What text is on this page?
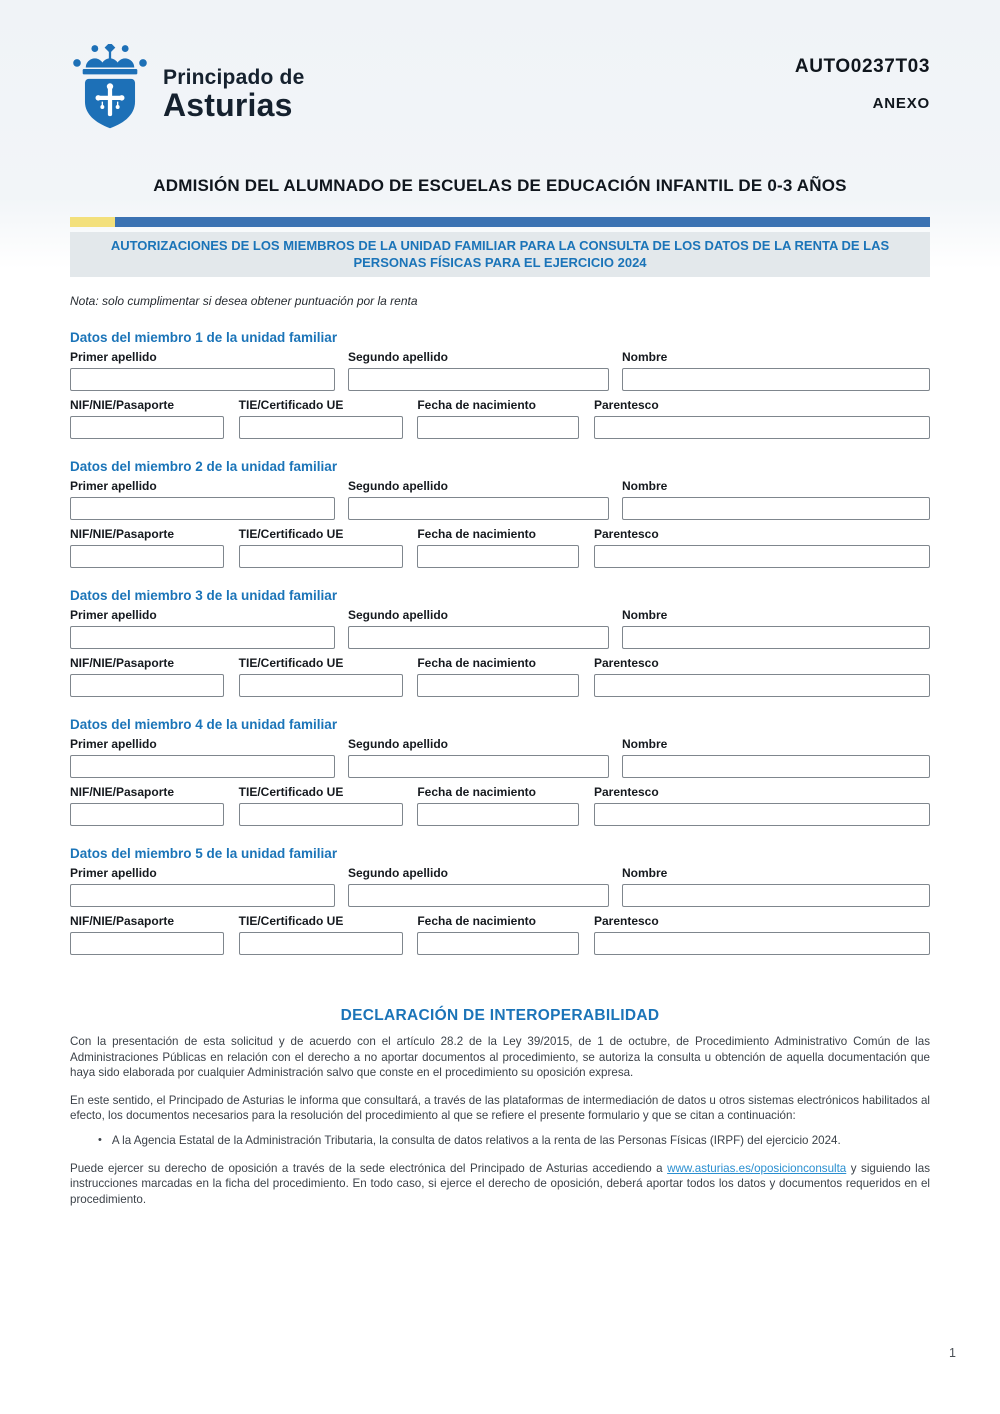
Principado de
Asturias
AUTO0237T03
ANEXO
ADMISIÓN DEL ALUMNADO DE ESCUELAS DE EDUCACIÓN INFANTIL DE 0-3 AÑOS
AUTORIZACIONES DE LOS MIEMBROS DE LA UNIDAD FAMILIAR PARA LA CONSULTA DE LOS DATOS DE LA RENTA DE LAS PERSONAS FÍSICAS PARA EL EJERCICIO 2024

Nota: solo cumplimentar si desea obtener puntuación por la renta

Datos del miembro 1 de la unidad familiar
Primer apellido	Segundo apellido	Nombre
NIF/NIE/Pasaporte	TIE/Certificado UE	Fecha de nacimiento	Parentesco
Datos del miembro 2 de la unidad familiar
Primer apellido	Segundo apellido	Nombre
NIF/NIE/Pasaporte	TIE/Certificado UE	Fecha de nacimiento	Parentesco
Datos del miembro 3 de la unidad familiar
Primer apellido	Segundo apellido	Nombre
NIF/NIE/Pasaporte	TIE/Certificado UE	Fecha de nacimiento	Parentesco
Datos del miembro 4 de la unidad familiar
Primer apellido	Segundo apellido	Nombre
NIF/NIE/Pasaporte	TIE/Certificado UE	Fecha de nacimiento	Parentesco
Datos del miembro 5 de la unidad familiar
Primer apellido	Segundo apellido	Nombre
NIF/NIE/Pasaporte	TIE/Certificado UE	Fecha de nacimiento	Parentesco
DECLARACIÓN DE INTEROPERABILIDAD

Con la presentación de esta solicitud y de acuerdo con el artículo 28.2 de la Ley 39/2015, de 1 de octubre, de Procedimiento Administrativo Común de las Administraciones Públicas en relación con el derecho a no aportar documentos al procedimiento, se autoriza la consulta u obtención de aquella documentación que haya sido elaborada por cualquier Administración salvo que conste en el procedimiento su oposición expresa.

En este sentido, el Principado de Asturias le informa que consultará, a través de las plataformas de intermediación de datos u otros sistemas electrónicos habilitados al efecto, los documentos necesarios para la resolución del procedimiento al que se refiere el presente formulario y que se citan a continuación:

• A la Agencia Estatal de la Administración Tributaria, la consulta de datos relativos a la renta de las Personas Físicas (IRPF) del ejercicio 2024.

Puede ejercer su derecho de oposición a través de la sede electrónica del Principado de Asturias accediendo a www.asturias.es/oposicionconsulta y siguiendo las instrucciones marcadas en la ficha del procedimiento. En todo caso, si ejerce el derecho de oposición, deberá aportar todos los datos y documentos requeridos en el procedimiento.

1
